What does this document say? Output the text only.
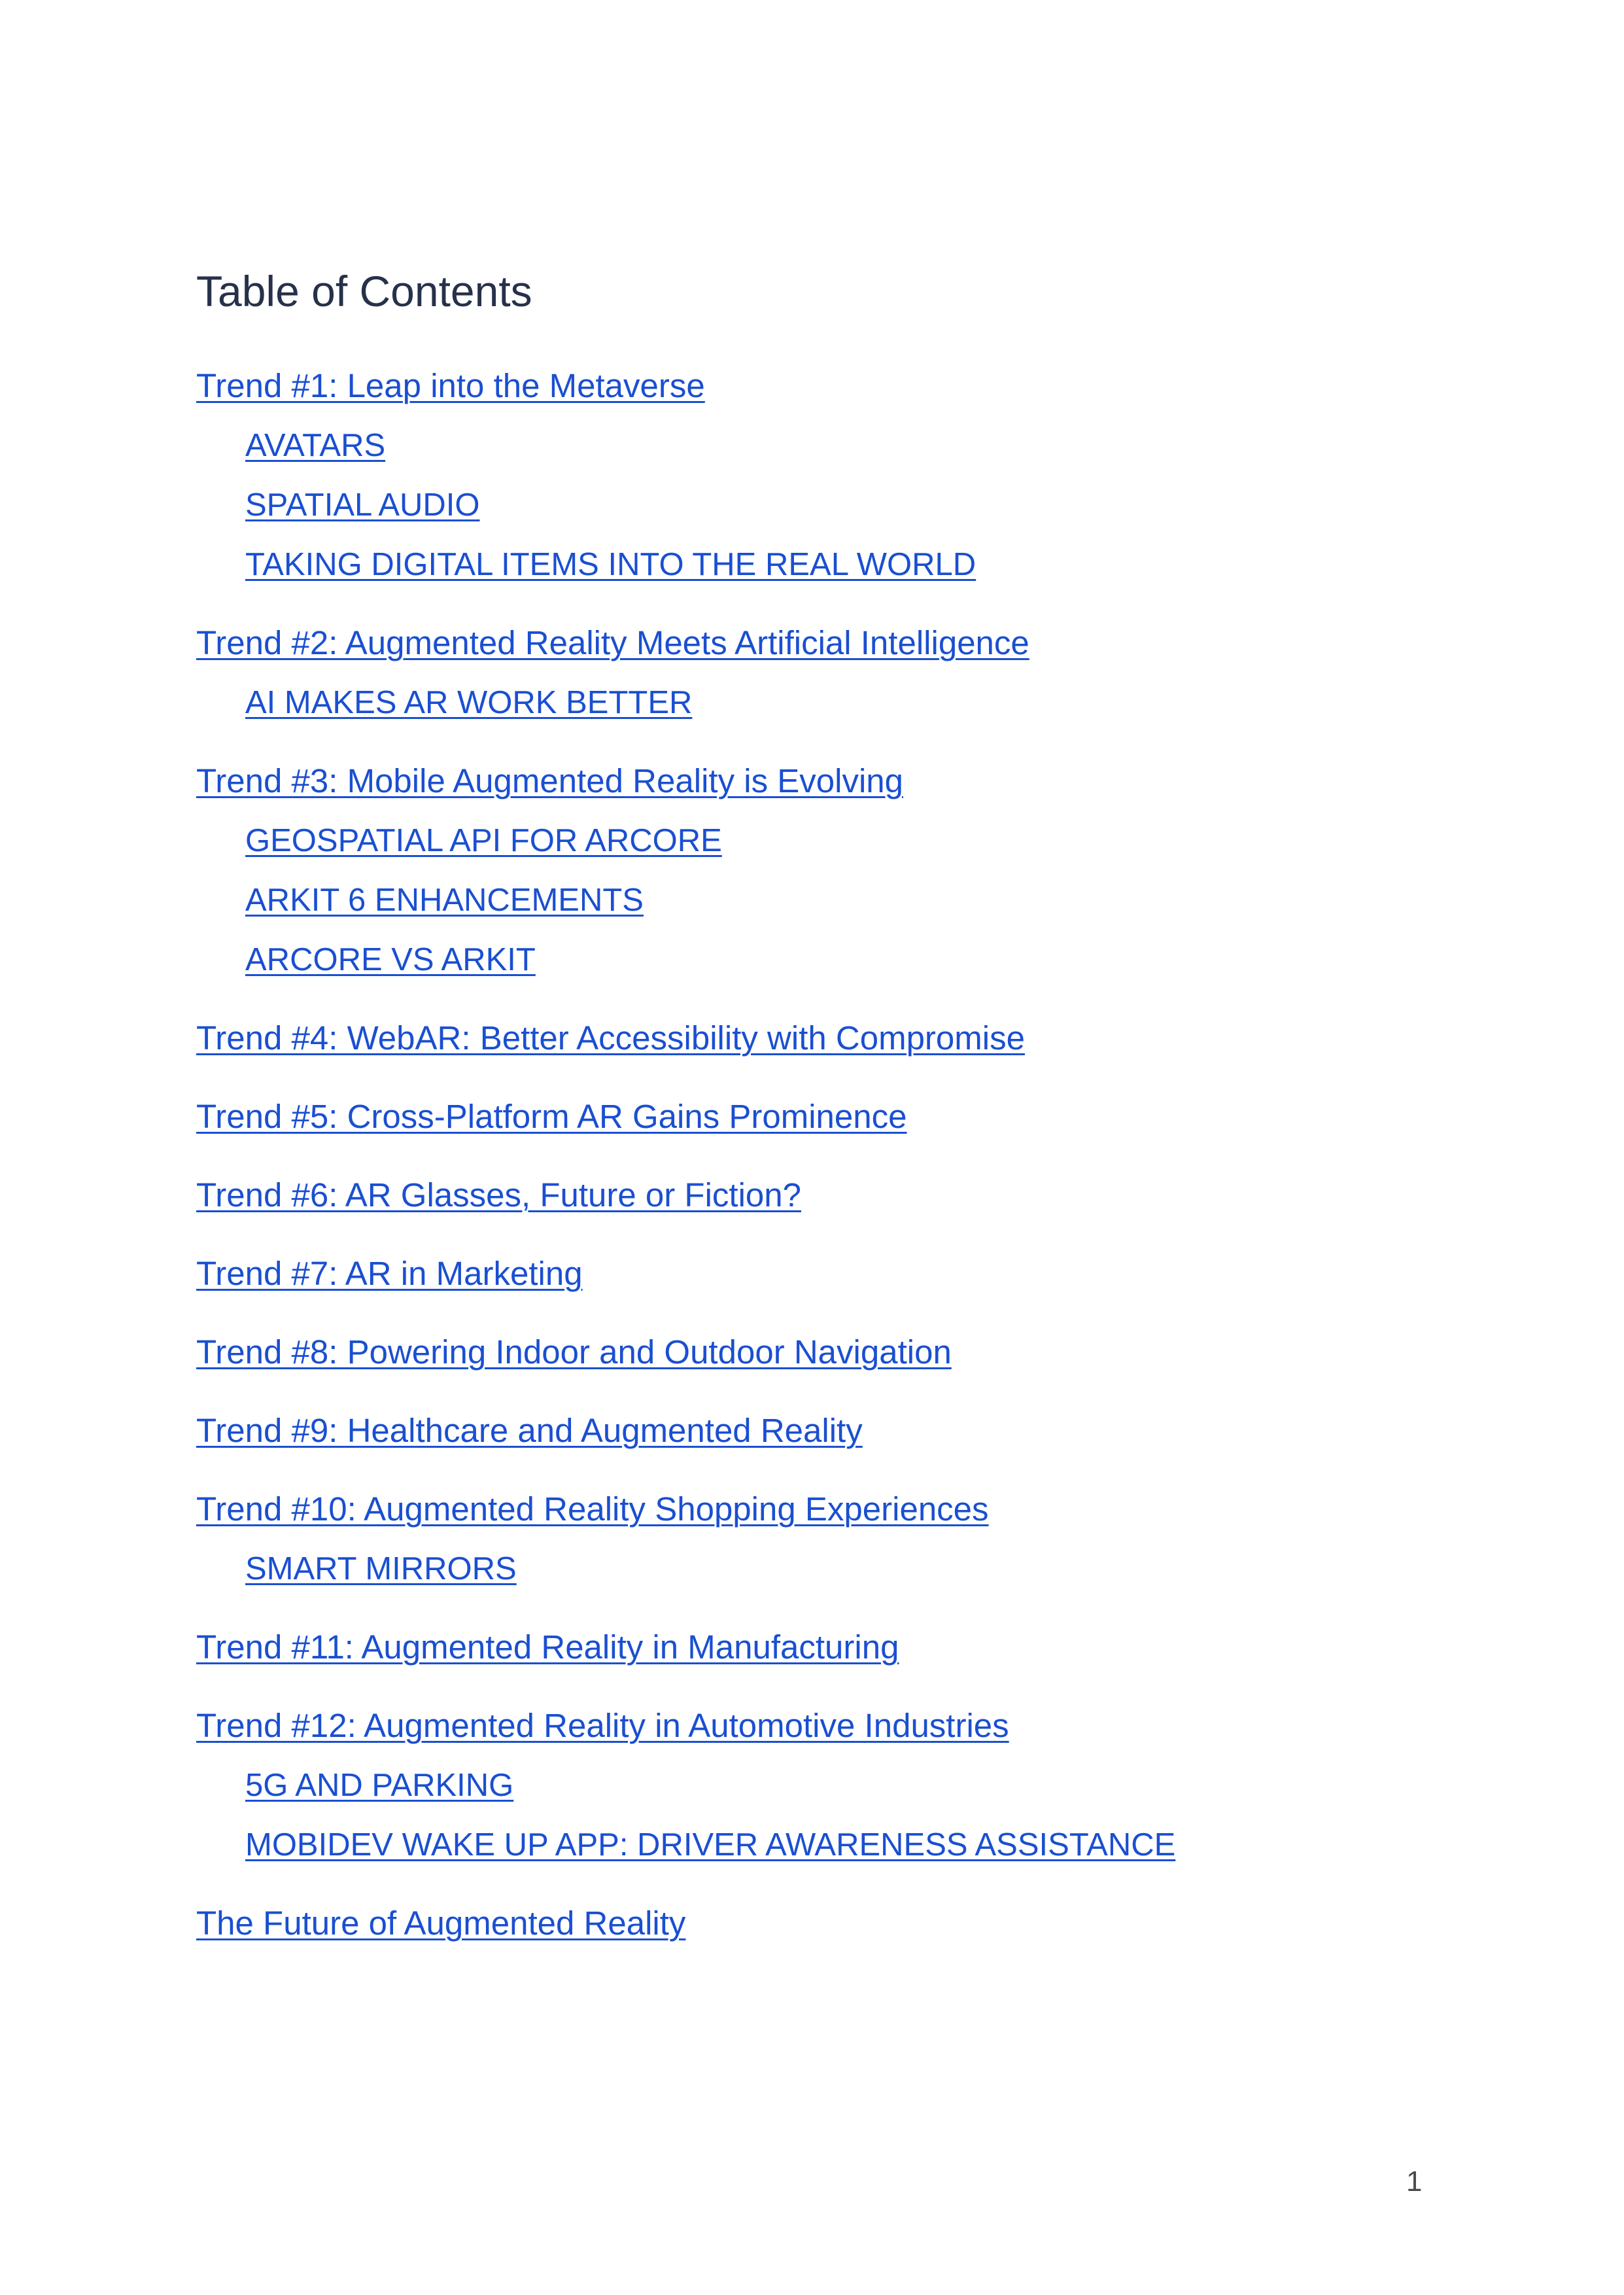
Table of Contents
Trend #1: Leap into the Metaverse
AVATARS
SPATIAL AUDIO
TAKING DIGITAL ITEMS INTO THE REAL WORLD
Trend #2: Augmented Reality Meets Artificial Intelligence
AI MAKES AR WORK BETTER
Trend #3: Mobile Augmented Reality is Evolving
GEOSPATIAL API FOR ARCORE
ARKIT 6 ENHANCEMENTS
ARCORE VS ARKIT
Trend #4: WebAR: Better Accessibility with Compromise
Trend #5: Cross-Platform AR Gains Prominence
Trend #6: AR Glasses, Future or Fiction?
Trend #7: AR in Marketing
Trend #8: Powering Indoor and Outdoor Navigation
Trend #9: Healthcare and Augmented Reality
Trend #10: Augmented Reality Shopping Experiences
SMART MIRRORS
Trend #11: Augmented Reality in Manufacturing
Trend #12: Augmented Reality in Automotive Industries
5G AND PARKING
MOBIDEV WAKE UP APP: DRIVER AWARENESS ASSISTANCE
The Future of Augmented Reality
1
